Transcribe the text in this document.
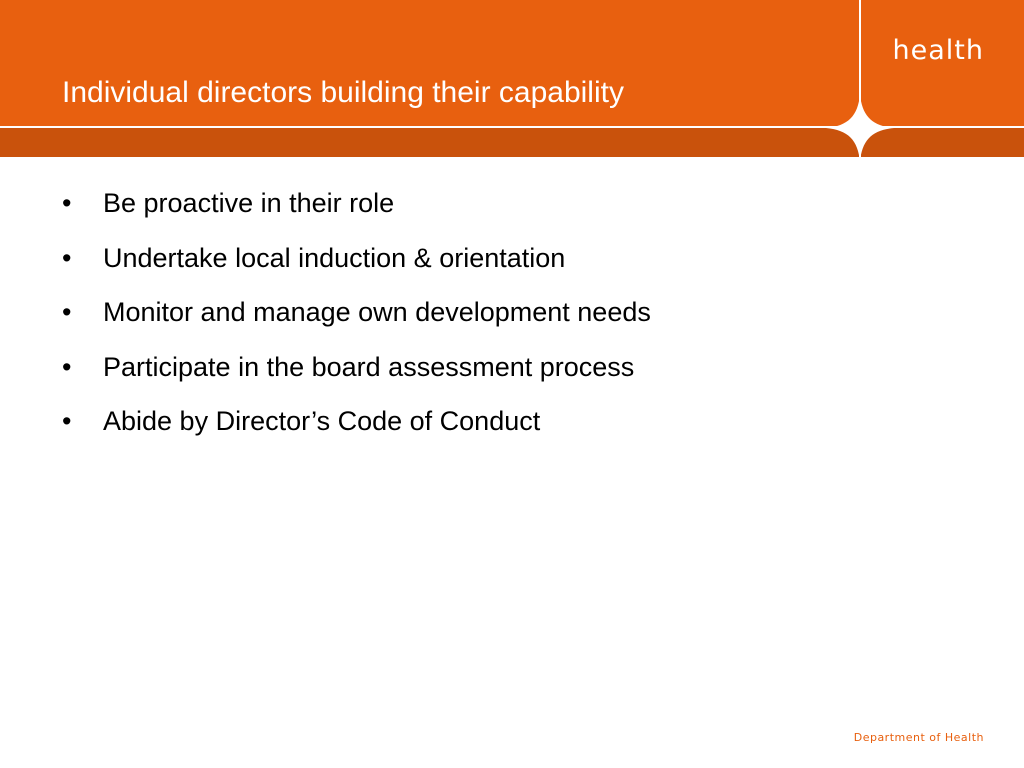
health
Individual directors building their capability
•	Be proactive in their role
•	Undertake local induction & orientation
•	Monitor and manage own development needs
•	Participate in the board assessment process
•	Abide by Director’s Code of Conduct
Department of Health
